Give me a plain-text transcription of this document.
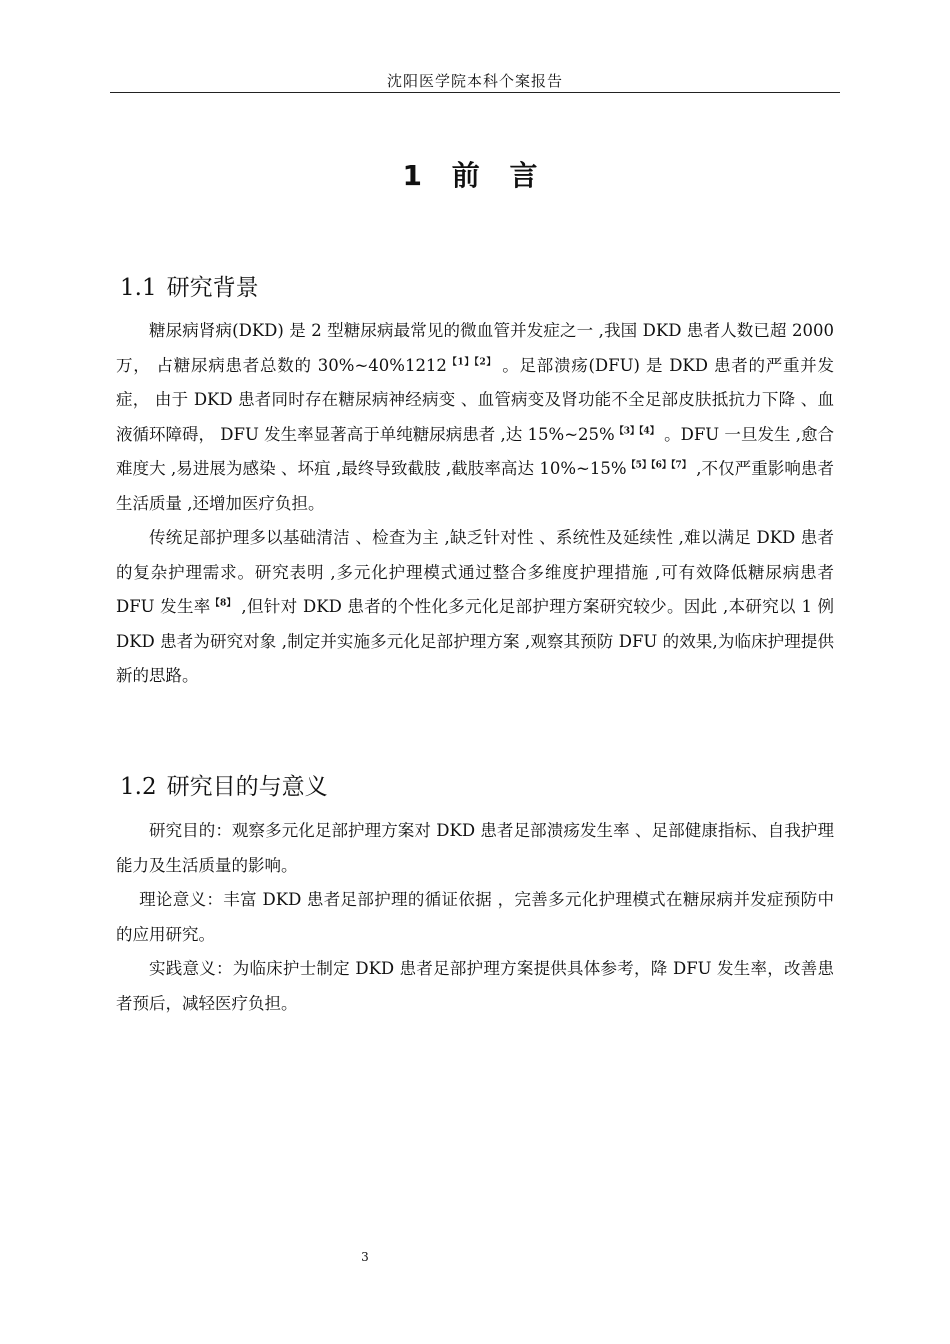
沈阳医学院本科个案报告
1 前 言
1.1 研究背景

糖尿病肾病(DKD) 是 2 型糖尿病最常见的微血管并发症之一 ,我国 DKD 患者人数已超 2000 万， 占糖尿病患者总数的 $30\%\sim 40\%1212^{【1】【2】}$ 。足部溃疡(DFU) 是 DKD 患者的严重并发症， 由于 DKD 患者同时存在糖尿病神经病变 、血管病变及肾功能不全足部皮肤抵抗力下降 、血液循环障碍， DFU 发生率显著高于单纯糖尿病患者 ,达 15%~25%$^{【3】【4】}$ 。DFU 一旦发生 ,愈合难度大 ,易进展为感染 、坏疽 ,最终导致截肢 ,截肢率高达 10%~15%$^{【5】【6】【7】}$ ,不仅严重影响患者生活质量 ,还增加医疗负担。

传统足部护理多以基础清洁 、检查为主 ,缺乏针对性 、系统性及延续性 ,难以满足 DKD 患者的复杂护理需求。研究表明 ,多元化护理模式通过整合多维度护理措施 ,可有效降低糖尿病患者 DFU 发生率$^{【8】}$ ,但针对 DKD 患者的个性化多元化足部护理方案研究较少。因此 ,本研究以 1 例 DKD 患者为研究对象 ,制定并实施多元化足部护理方案 ,观察其预防 DFU 的效果,为临床护理提供新的思路。

1.2 研究目的与意义

研究目的：观察多元化足部护理方案对 DKD 患者足部溃疡发生率 、足部健康指标、自我护理能力及生活质量的影响。

理论意义：丰富 DKD 患者足部护理的循证依据 ，完善多元化护理模式在糖尿病并发症预防中的应用研究。

实践意义：为临床护士制定 DKD 患者足部护理方案提供具体参考，降 DFU 发生率，改善患者预后，减轻医疗负担。

3
